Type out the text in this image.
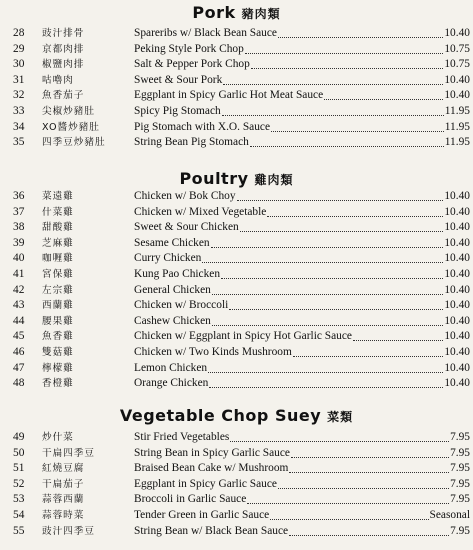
Pork 豬肉類
28	豉汁排骨	Spareribs w/ Black Bean Sauce	10.40
29	京都肉排	Peking Style Pork Chop	10.75
30	椒鹽肉排	Salt & Pepper Pork Chop	10.75
31	咕嚕肉	Sweet & Sour Pork	10.40
32	魚香茄子	Eggplant in Spicy Garlic Hot Meat Sauce	10.40
33	尖椒炒豬肚	Spicy Pig Stomach	11.95
34	XO醬炒豬肚	Pig Stomach with X.O. Sauce	11.95
35	四季豆炒豬肚	String Bean Pig Stomach	11.95
Poultry 雞肉類
36	菜遠雞	Chicken w/ Bok Choy	10.40
37	什菜雞	Chicken w/ Mixed Vegetable	10.40
38	甜酸雞	Sweet & Sour Chicken	10.40
39	芝麻雞	Sesame Chicken	10.40
40	咖喱雞	Curry Chicken	10.40
41	宮保雞	Kung Pao Chicken	10.40
42	左宗雞	General Chicken	10.40
43	西蘭雞	Chicken w/ Broccoli	10.40
44	腰果雞	Cashew Chicken	10.40
45	魚香雞	Chicken w/ Eggplant in Spicy Hot Garlic Sauce	10.40
46	雙菇雞	Chicken w/ Two Kinds Mushroom	10.40
47	檸檬雞	Lemon Chicken	10.40
48	香橙雞	Orange Chicken	10.40
Vegetable Chop Suey 菜類
49	炒什菜	Stir Fried Vegetables	7.95
50	干扁四季豆	String Bean in Spicy Garlic Sauce	7.95
51	紅燒豆腐	Braised Bean Cake w/ Mushroom	7.95
52	干扁茄子	Eggplant in Spicy Garlic Sauce	7.95
53	蒜蓉西蘭	Broccoli in Garlic Sauce	7.95
54	蒜蓉時菜	Tender Green in Garlic Sauce	Seasonal
55	豉汁四季豆	String Bean w/ Black Bean Sauce	7.95
